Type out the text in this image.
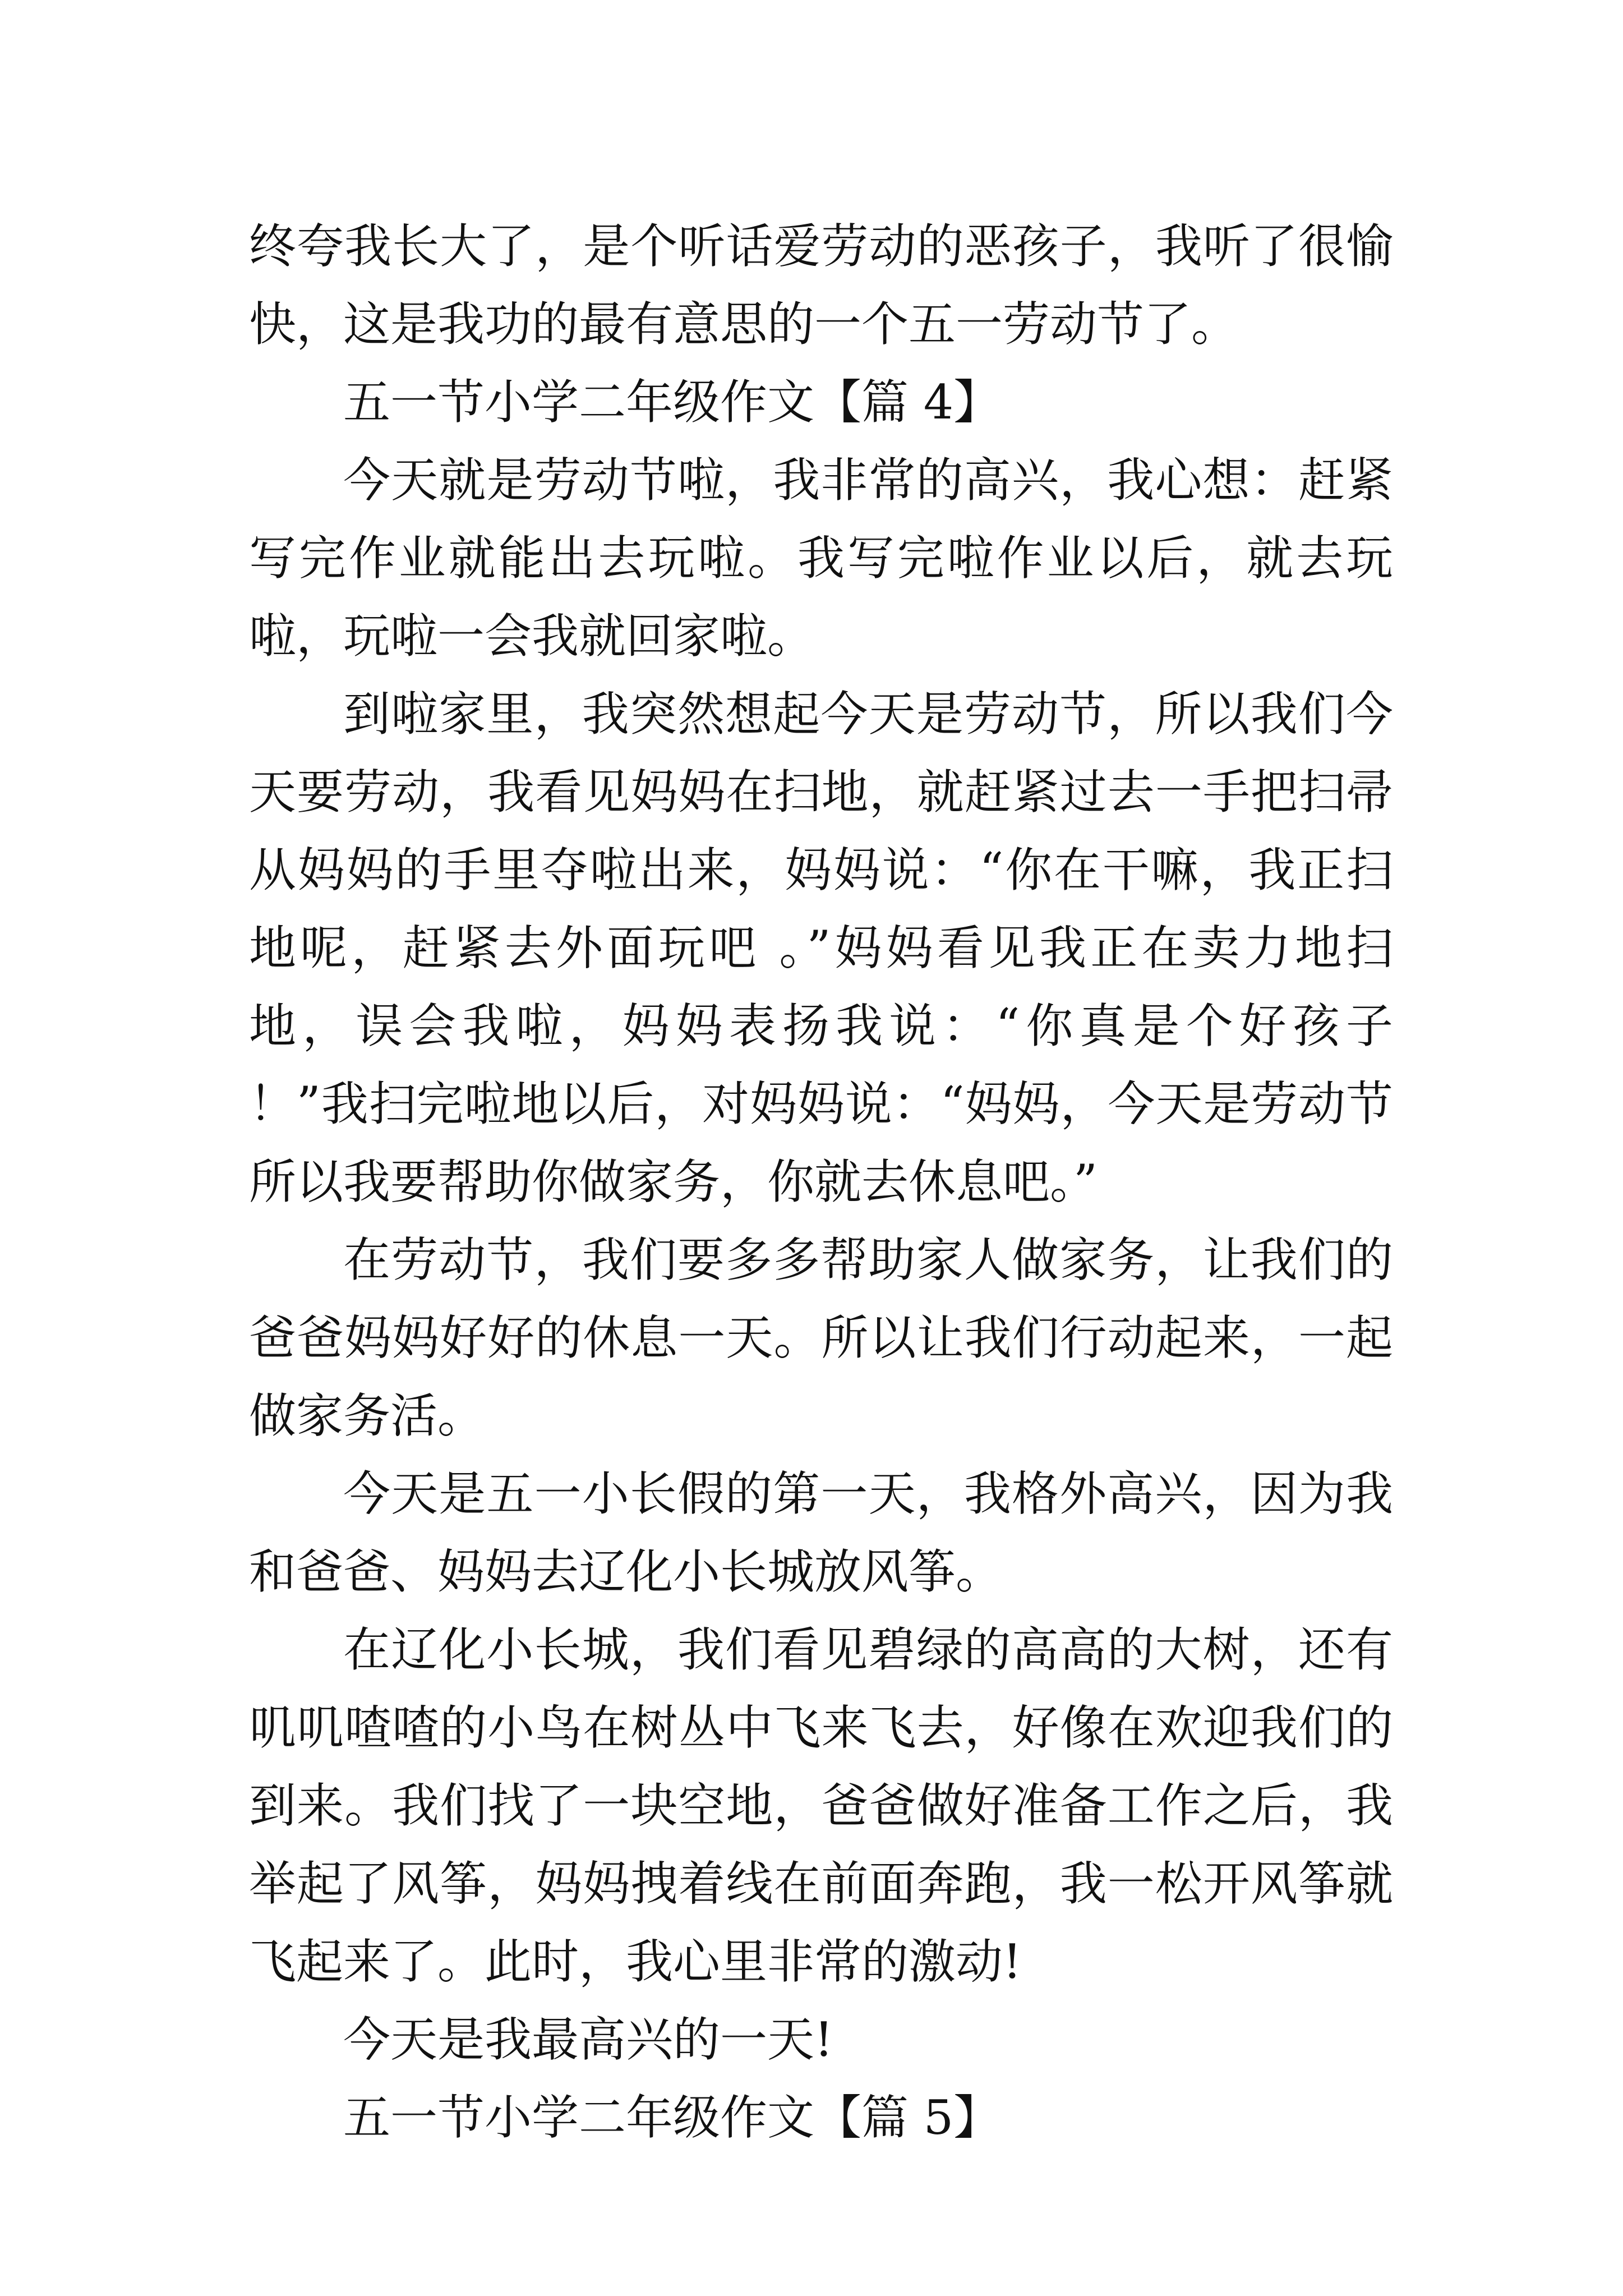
终夸我长大了，是个听话爱劳动的恶孩子，我听了很愉快，这是我功的最有意思的一个五一劳动节了。

五一节小学二年级作文【篇 4】

今天就是劳动节啦，我非常的高兴，我心想：赶紧写完作业就能出去玩啦。我写完啦作业以后，就去玩啦，玩啦一会我就回家啦。

到啦家里，我突然想起今天是劳动节，所以我们今天要劳动，我看见妈妈在扫地，就赶紧过去一手把扫帚从妈妈的手里夺啦出来，妈妈说：“你在干嘛，我正扫地呢，赶紧去外面玩吧 。”妈妈看见我正在卖力地扫地，误会我啦，妈妈表扬我说：“你真是个好孩子 ！”我扫完啦地以后，对妈妈说：“妈妈，今天是劳动节所以我要帮助你做家务，你就去休息吧。”

在劳动节，我们要多多帮助家人做家务，让我们的爸爸妈妈好好的休息一天。所以让我们行动起来，一起做家务活。

今天是五一小长假的第一天，我格外高兴，因为我和爸爸、妈妈去辽化小长城放风筝。

在辽化小长城，我们看见碧绿的高高的大树，还有叽叽喳喳的小鸟在树丛中飞来飞去，好像在欢迎我们的到来。我们找了一块空地，爸爸做好准备工作之后，我举起了风筝，妈妈拽着线在前面奔跑，我一松开风筝就飞起来了。此时，我心里非常的激动!

今天是我最高兴的一天!

五一节小学二年级作文【篇 5】
